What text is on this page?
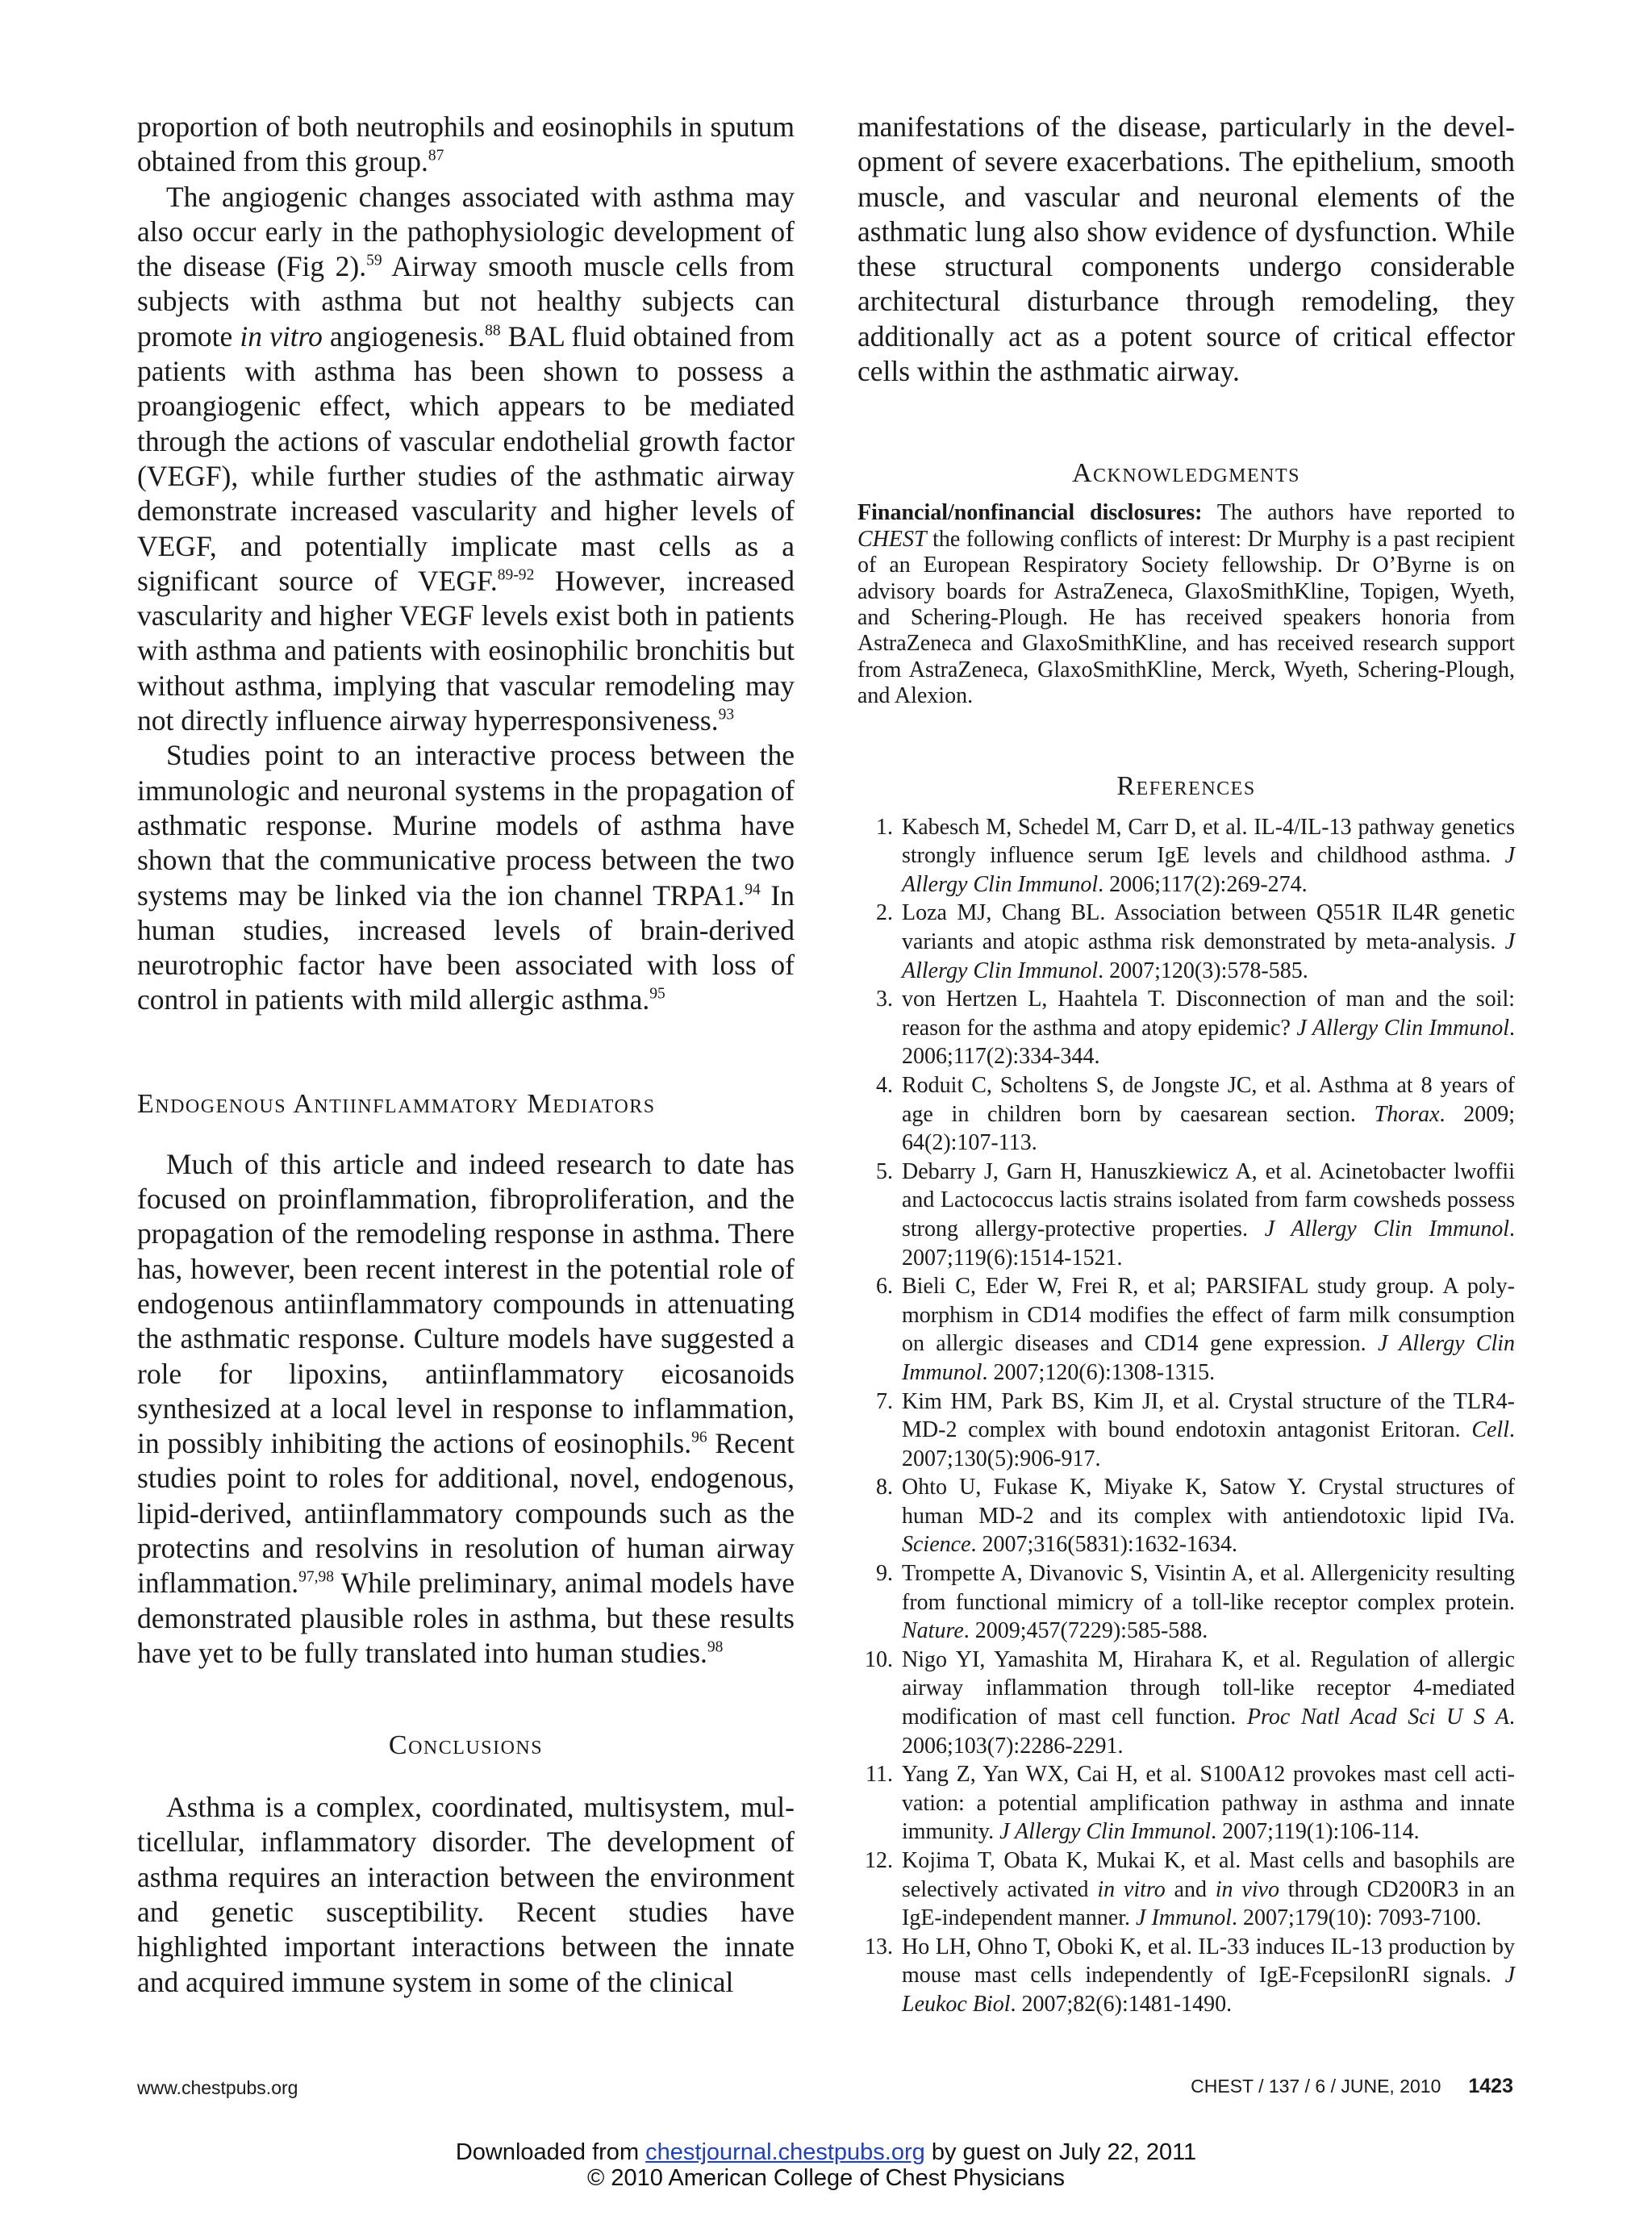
proportion of both neutrophils and eosinophils in sputum obtained from this group.$^{87}$

The angiogenic changes associated with asthma may also occur early in the pathophysiologic development of the disease (Fig 2).$^{59}$ Airway smooth muscle cells from subjects with asthma but not healthy subjects can promote in vitro angiogenesis.$^{88}$ BAL fluid obtained from patients with asthma has been shown to possess a proangiogenic effect, which appears to be mediated through the actions of vascular endothelial growth factor (VEGF), while further studies of the asthmatic airway demonstrate increased vascularity and higher levels of VEGF, and potentially implicate mast cells as a significant source of VEGF.$^{89-92}$ However, increased vascularity and higher VEGF levels exist both in patients with asthma and patients with eosinophilic bronchitis but without asthma, implying that vascular remodeling may not directly influence airway hyperresponsiveness.$^{93}$

Studies point to an interactive process between the immunologic and neuronal systems in the propagation of asthmatic response. Murine models of asthma have shown that the communicative process between the two systems may be linked via the ion channel TRPA1.94 In human studies, increased levels of brain-derived neurotrophic factor have been associated with loss of control in patients with mild allergic asthma.$^{95}$

Endogenous Antiinflammatory Mediators

Much of this article and indeed research to date has focused on proinflammation, fibroproliferation, and the propagation of the remodeling response in asthma. There has, however, been recent interest in the potential role of endogenous antiinflammatory compounds in attenuating the asthmatic response. Culture models have suggested a role for lipoxins, antiinflammatory eicosanoids synthesized at a local level in response to inflammation, in possibly inhibiting the actions of eosinophils.$^{96}$ Recent studies point to roles for additional, novel, endogenous, lipid-derived, antiinflammatory compounds such as the protectins and resolvins in resolution of human airway inflammation.$^{97,98}$ While preliminary, animal models have demonstrated plausible roles in asthma, but these results have yet to be fully translated into human studies.$^{98}$

Conclusions

Asthma is a complex, coordinated, multisystem, multicellular, inflammatory disorder. The development of asthma requires an interaction between the environment and genetic susceptibility. Recent studies have highlighted important interactions between the innate and acquired immune system in some of the clinical

manifestations of the disease, particularly in the development of severe exacerbations. The epithelium, smooth muscle, and vascular and neuronal elements of the asthmatic lung also show evidence of dysfunction. While these structural components undergo considerable architectural disturbance through remodeling, they additionally act as a potent source of critical effector cells within the asthmatic airway.

Acknowledgments

Financial/nonfinancial disclosures: The authors have reported to CHEST the following conflicts of interest: Dr Murphy is a past recipient of an European Respiratory Society fellowship. Dr O’Byrne is on advisory boards for AstraZeneca, GlaxoSmithKline, Topigen, Wyeth, and Schering-Plough. He has received speakers honoria from AstraZeneca and GlaxoSmithKline, and has received research support from AstraZeneca, GlaxoSmithKline, Merck, Wyeth, Schering-Plough, and Alexion.

References
1. Kabesch M, Schedel M, Carr D, et al. IL-4/IL-13 pathway genetics strongly influence serum IgE levels and childhood asthma. J Allergy Clin Immunol. 2006;117(2):269-274.
2. Loza MJ, Chang BL. Association between Q551R IL4R genetic variants and atopic asthma risk demonstrated by meta-analysis. J Allergy Clin Immunol. 2007;120(3):578-585.
3. von Hertzen L, Haahtela T. Disconnection of man and the soil: reason for the asthma and atopy epidemic? J Allergy Clin Immunol. 2006;117(2):334-344.
4. Roduit C, Scholtens S, de Jongste JC, et al. Asthma at 8 years of age in children born by caesarean section. Thorax. 2009; 64(2):107-113.
5. Debarry J, Garn H, Hanuszkiewicz A, et al. Acinetobacter lwoffii and Lactococcus lactis strains isolated from farm cowsheds possess strong allergy-protective properties. J Allergy Clin Immunol. 2007;119(6):1514-1521.
6. Bieli C, Eder W, Frei R, et al; PARSIFAL study group. A polymorphism in CD14 modifies the effect of farm milk consumption on allergic diseases and CD14 gene expression. J Allergy Clin Immunol. 2007;120(6):1308-1315.
7. Kim HM, Park BS, Kim JI, et al. Crystal structure of the TLR4-MD-2 complex with bound endotoxin antagonist Eritoran. Cell. 2007;130(5):906-917.
8. Ohto U, Fukase K, Miyake K, Satow Y. Crystal structures of human MD-2 and its complex with antiendotoxic lipid IVa. Science. 2007;316(5831):1632-1634.
9. Trompette A, Divanovic S, Visintin A, et al. Allergenicity resulting from functional mimicry of a toll-like receptor complex protein. Nature. 2009;457(7229):585-588.
10. Nigo YI, Yamashita M, Hirahara K, et al. Regulation of allergic airway inflammation through toll-like receptor 4-mediated modification of mast cell function. Proc Natl Acad Sci U S A. 2006;103(7):2286-2291.
11. Yang Z, Yan WX, Cai H, et al. S100A12 provokes mast cell activation: a potential amplification pathway in asthma and innate immunity. J Allergy Clin Immunol. 2007;119(1):106-114.
12. Kojima T, Obata K, Mukai K, et al. Mast cells and basophils are selectively activated in vitro and in vivo through CD200R3 in an IgE-independent manner. J Immunol. 2007;179(10): 7093-7100.
13. Ho LH, Ohno T, Oboki K, et al. IL-33 induces IL-13 production by mouse mast cells independently of IgE-FcepsilonRI signals. J Leukoc Biol. 2007;82(6):1481-1490.
www.chestpubs.org	CHEST / 137 / 6 / JUNE, 2010 1423
Downloaded from chestjournal.chestpubs.org by guest on July 22, 2011
© 2010 American College of Chest Physicians
